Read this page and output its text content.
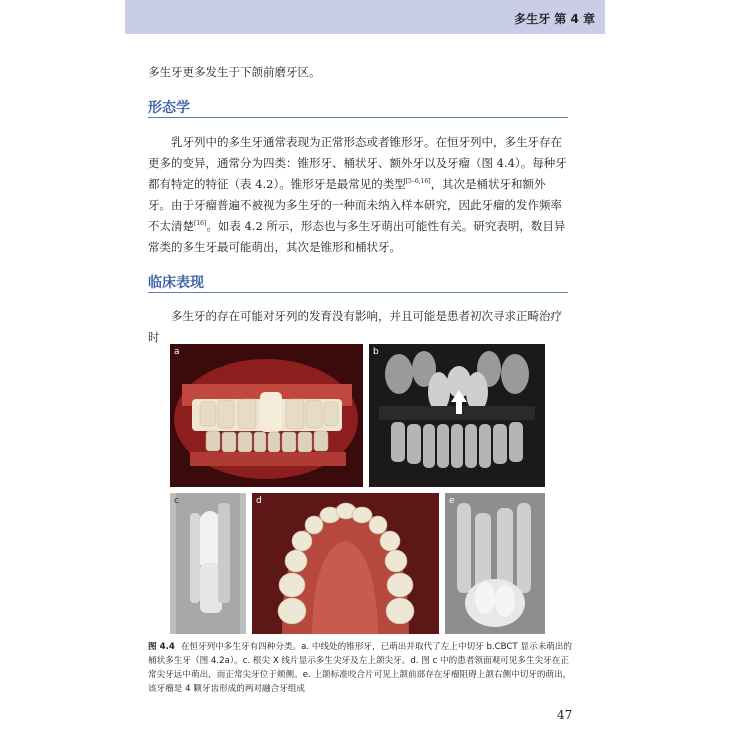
多生牙 第 4 章
多生牙更多发生于下颌前磨牙区。
形态学

乳牙列中的多生牙通常表现为正常形态或者锥形牙。在恒牙列中，多生牙存在更多的变异，通常分为四类：锥形牙、桶状牙、额外牙以及牙瘤（图 4.4）。每种牙都有特定的特征（表 4.2）。锥形牙是最常见的类型[5–6,16]，其次是桶状牙和额外牙。由于牙瘤普遍不被视为多生牙的一种而未纳入样本研究，因此牙瘤的发作频率不太清楚[16]。如表 4.2 所示，形态也与多生牙萌出可能性有关。研究表明，数目异常类的多生牙最可能萌出，其次是锥形和桶状牙。

临床表现

多生牙的存在可能对牙列的发育没有影响，并且可能是患者初次寻求正畸治疗时

a	b
c	d	e
图 4.4 在恒牙列中多生牙有四种分类。a. 中线处的锥形牙，已萌出并取代了左上中切牙 b.CBCT 显示未萌出的桶状多生牙（图 4.2a）。c. 根尖 X 线片显示多生尖牙及左上颌尖牙。d. 图 c 中的患者领面观可见多生尖牙在正常尖牙远中萌出，而正常尖牙位于颊侧。e. 上颌标准咬合片可见上颌前部存在牙瘤阻碍上颌右侧中切牙的萌出，该牙瘤是 4 颗牙齿形成的两对融合牙组成
47
